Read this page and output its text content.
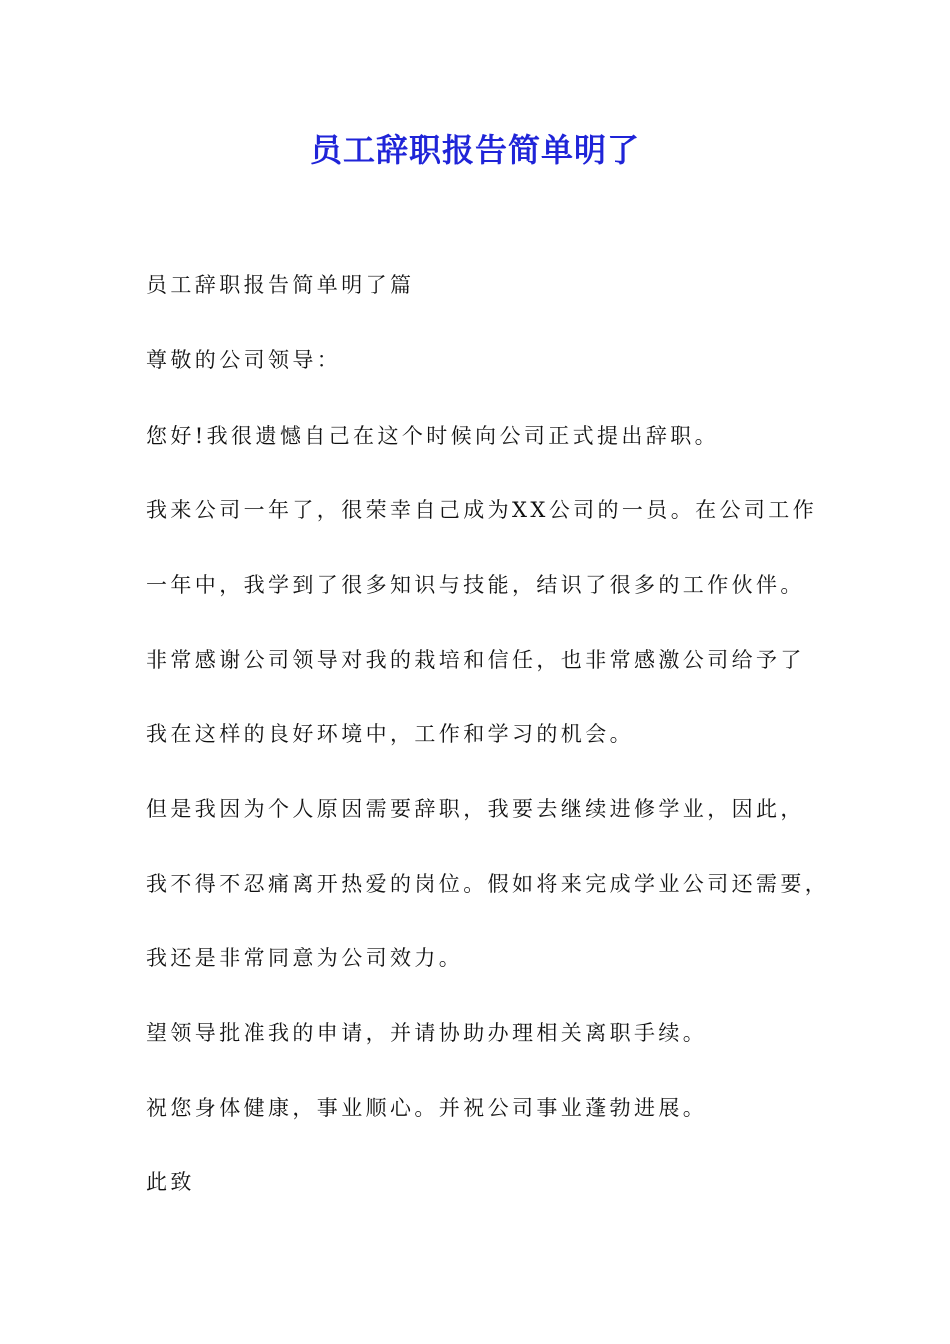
员工辞职报告简单明了
员工辞职报告简单明了篇
尊敬的公司领导：
您好!我很遗憾自己在这个时候向公司正式提出辞职。
我来公司一年了，很荣幸自己成为XX公司的一员。在公司工作
一年中，我学到了很多知识与技能，结识了很多的工作伙伴。
非常感谢公司领导对我的栽培和信任，也非常感激公司给予了
我在这样的良好环境中，工作和学习的机会。
但是我因为个人原因需要辞职，我要去继续进修学业，因此，
我不得不忍痛离开热爱的岗位。假如将来完成学业公司还需要，
我还是非常同意为公司效力。
望领导批准我的申请，并请协助办理相关离职手续。
祝您身体健康，事业顺心。并祝公司事业蓬勃进展。
此致
